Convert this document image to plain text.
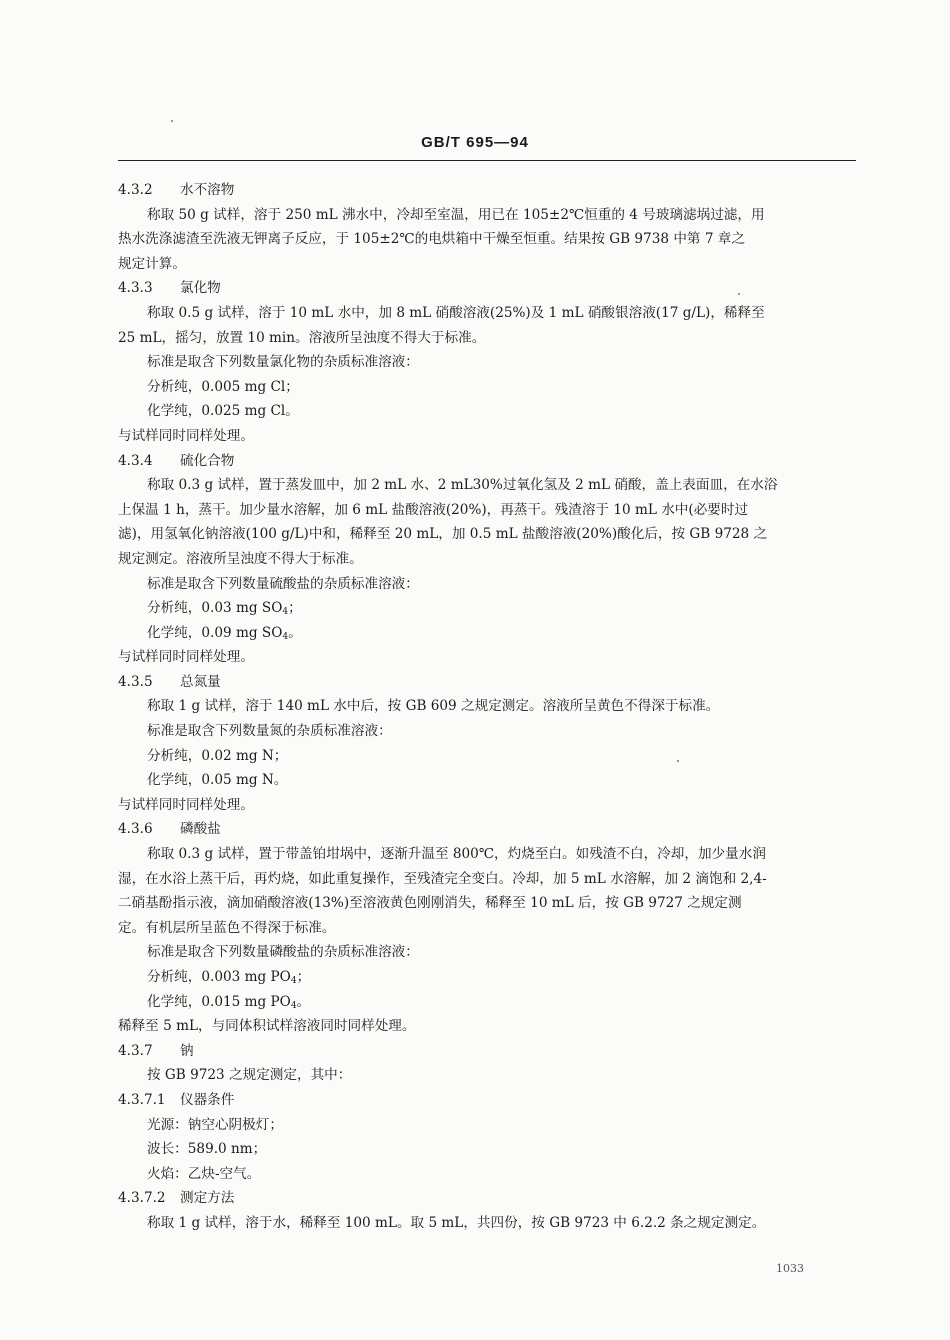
GB/T 695—94
4.3.2 水不溶物
称取 50 g 试样，溶于 250 mL 沸水中，冷却至室温，用已在 105±2℃恒重的 4 号玻璃滤埚过滤，用
热水洗涤滤渣至洗液无钾离子反应，于 105±2℃的电烘箱中干燥至恒重。结果按 GB 9738 中第 7 章之
规定计算。
4.3.3 氯化物
称取 0.5 g 试样，溶于 10 mL 水中，加 8 mL 硝酸溶液(25%)及 1 mL 硝酸银溶液(17 g/L)，稀释至
25 mL，摇匀，放置 10 min。溶液所呈浊度不得大于标准。
标准是取含下列数量氯化物的杂质标准溶液：
分析纯，0.005 mg Cl；
化学纯，0.025 mg Cl。
与试样同时同样处理。
4.3.4 硫化合物
称取 0.3 g 试样，置于蒸发皿中，加 2 mL 水、2 mL30%过氧化氢及 2 mL 硝酸，盖上表面皿，在水浴
上保温 1 h，蒸干。加少量水溶解，加 6 mL 盐酸溶液(20%)，再蒸干。残渣溶于 10 mL 水中(必要时过
滤)，用氢氧化钠溶液(100 g/L)中和，稀释至 20 mL，加 0.5 mL 盐酸溶液(20%)酸化后，按 GB 9728 之
规定测定。溶液所呈浊度不得大于标准。
标准是取含下列数量硫酸盐的杂质标准溶液：
分析纯，0.03 mg $SO_4$；
化学纯，0.09 mg $SO_4$。
与试样同时同样处理。
4.3.5 总氮量
称取 1 g 试样，溶于 140 mL 水中后，按 GB 609 之规定测定。溶液所呈黄色不得深于标准。
标准是取含下列数量氮的杂质标准溶液：
分析纯，0.02 mg N；
化学纯，0.05 mg N。
与试样同时同样处理。
4.3.6 磷酸盐
称取 0.3 g 试样，置于带盖铂坩埚中，逐渐升温至 800℃，灼烧至白。如残渣不白，冷却，加少量水润
湿，在水浴上蒸干后，再灼烧，如此重复操作，至残渣完全变白。冷却，加 5 mL 水溶解，加 2 滴饱和 2,4-
二硝基酚指示液，滴加硝酸溶液(13%)至溶液黄色刚刚消失，稀释至 10 mL 后，按 GB 9727 之规定测
定。有机层所呈蓝色不得深于标准。
标准是取含下列数量磷酸盐的杂质标准溶液：
分析纯，0.003 mg $PO_4$；
化学纯，0.015 mg $PO_4$。
稀释至 5 mL，与同体积试样溶液同时同样处理。
4.3.7 钠
按 GB 9723 之规定测定，其中：
4.3.7.1 仪器条件
光源：钠空心阴极灯；
波长：589.0 nm；
火焰：乙炔-空气。
4.3.7.2 测定方法
称取 1 g 试样，溶于水，稀释至 100 mL。取 5 mL，共四份，按 GB 9723 中 6.2.2 条之规定测定。
1033
